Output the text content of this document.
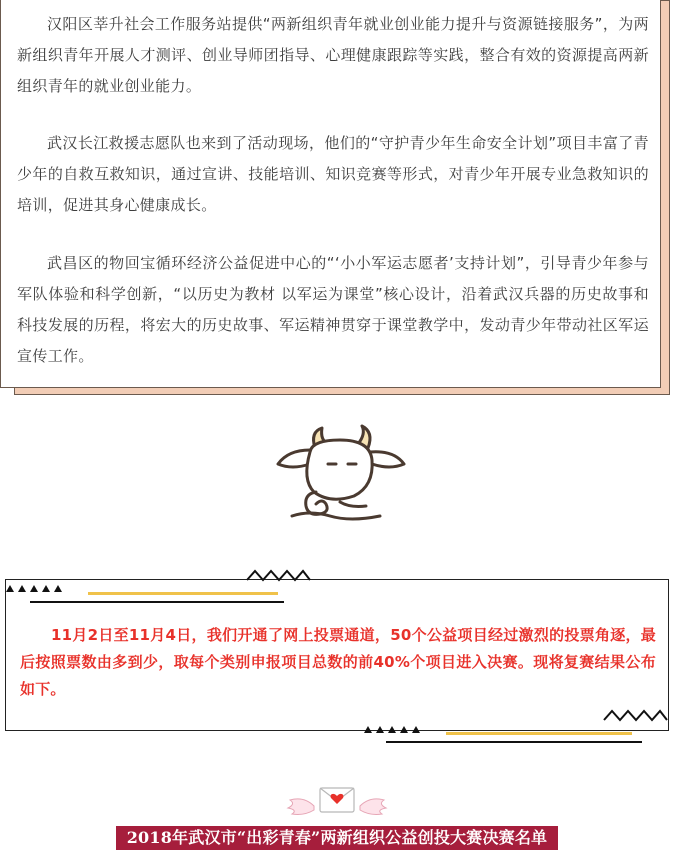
汉阳区莘升社会工作服务站提供“两新组织青年就业创业能力提升与资源链接服务”，为两新组织青年开展人才测评、创业导师团指导、心理健康跟踪等实践，整合有效的资源提高两新组织青年的就业创业能力。

武汉长江救援志愿队也来到了活动现场，他们的“守护青少年生命安全计划”项目丰富了青少年的自救互救知识，通过宣讲、技能培训、知识竞赛等形式，对青少年开展专业急救知识的培训，促进其身心健康成长。

武昌区的物回宝循环经济公益促进中心的“‘小小军运志愿者’支持计划”，引导青少年参与军队体验和科学创新，“以历史为教材 以军运为课堂”核心设计，沿着武汉兵器的历史故事和科技发展的历程，将宏大的历史故事、军运精神贯穿于课堂教学中，发动青少年带动社区军运宣传工作。

11月2日至11月4日，我们开通了网上投票通道，50个公益项目经过激烈的投票角逐，最后按照票数由多到少，取每个类别申报项目总数的前40%个项目进入决赛。现将复赛结果公布如下。

2018年武汉市“出彩青春”两新组织公益创投大赛决赛名单
